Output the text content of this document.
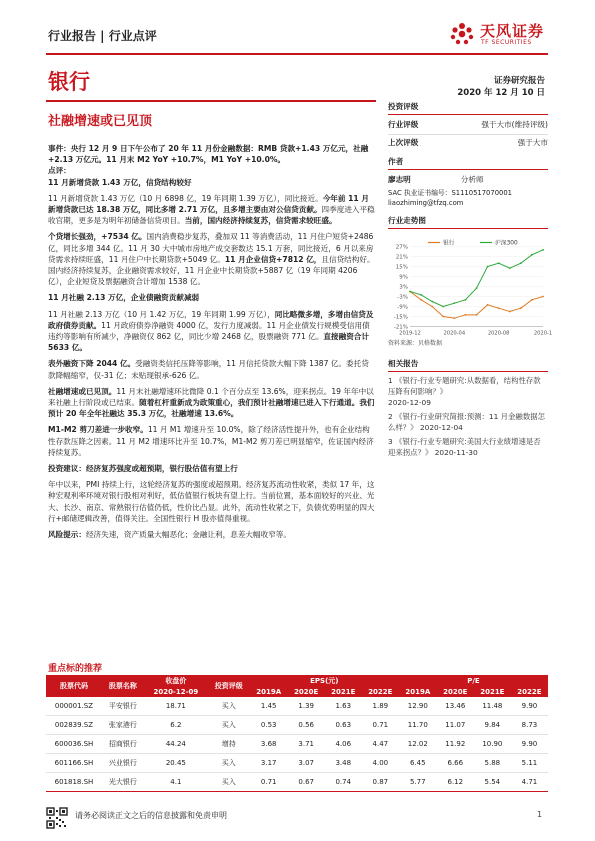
行业报告 | 行业点评	天风证券
TF SECURITIES
银行	证券研究报告
2020 年 12 月 10 日
社融增速或已见顶

事件：央行 12 月 9 日下午公布了 20 年 11 月份金融数据：RMB 贷款+1.43 万亿元，社融+2.13 万亿元。11 月末 M2 YoY +10.7%，M1 YoY +10.0%。

点评：

11 月新增贷款 1.43 万亿，信贷结构较好

11 月新增贷款 1.43 万亿（10 月 6898 亿，19 年同期 1.39 万亿），同比接近。今年前 11 月新增贷款已达 18.38 万亿，同比多增 2.71 万亿，且多增主要由对公信贷贡献。四季度进入平稳收官期，更多是为明年初储备信贷项目。当前，国内经济持续复苏，信贷需求较旺盛。

个贷增长强劲，+7534 亿。国内消费稳步复苏，叠加双 11 等消费活动，11 月住户短贷+2486 亿，同比多增 344 亿。11 月 30 大中城市房地产成交套数达 15.1 万套，同比接近，6 月以来房贷需求持续旺盛，11 月住户中长期贷款+5049 亿。11 月企业信贷+7812 亿，且信贷结构好。国内经济持续复苏，企业融资需求较好，11 月企业中长期贷款+5887 亿（19 年同期 4206 亿），企业短贷及票据融资合计增加 1538 亿。

11 月社融 2.13 万亿，企业债融资贡献减弱

11 月社融 2.13 万亿（10 月 1.42 万亿，19 年同期 1.99 万亿），同比略微多增，多增由信贷及政府债券贡献。11 月政府债券净融资 4000 亿，发行力度减弱。11 月企业债发行规模受信用债违约等影响有所减少，净融资仅 862 亿，同比少增 2468 亿，股票融资 771 亿。直接融资合计 5633 亿。

表外融资下降 2044 亿。受融资类信托压降等影响，11 月信托贷款大幅下降 1387 亿。委托贷款降幅缩窄，仅-31 亿；未贴现银承-626 亿。

社融增速或已见顶。11 月末社融增速环比微降 0.1 个百分点至 13.6%，迎来拐点。19 年年中以来社融上行阶段或已结束。随着杠杆重新成为政策重心，我们预计社融增速已进入下行通道。我们预计 20 年全年社融达 35.3 万亿，社融增速 13.6%。

M1-M2 剪刀差进一步收窄。11 月 M1 增速升至 10.0%，除了经济活性提升外，也有企业结构性存款压降之因素。11 月 M2 增速环比升至 10.7%，M1-M2 剪刀差已明显缩窄，佐证国内经济持续复苏。

投资建议：经济复苏强度或超预期，银行股估值有望上行

年中以来，PMI 持续上行，这轮经济复苏的强度或超预期。经济复苏流动性收紧，类似 17 年，这种宏观利率环境对银行股相对利好，低估值银行板块有望上行。当前位置，基本面较好的兴业、光大、长沙、南京、常熟银行估值仍低，性价比凸显。此外，流动性收紧之下，负债优势明显的四大行+邮储逻辑改善，值得关注。全国性银行 H 股亦值得重视。

风险提示：经济失速，资产质量大幅恶化；金融让利，息差大幅收窄等。

投资评级
行业评级	强于大市(维持评级)
上次评级	强于大市
作者
廖志明	分析师
SAC 执业证书编号：S1110517070001
liaozhiming@tfzq.com
行业走势图
27%
21%
15%
9%
3%
-3%
-9%
-15%
-21%
2019-12	2020-04	2020-08	2020-1
银行	沪深300
资料来源：贝格数据
相关报告
1 《银行-行业专题研究:从数据看，结构性存款压降有何影响？》
2020-12-09
2 《银行-行业研究简报:预测：11 月金融数据怎么样？》 2020-12-04
3 《银行-行业专题研究:美国大行业绩增速是否迎来拐点？》 2020-11-30
重点标的推荐
股票代码	股票名称	收盘价	投资评级	EPS(元)				P/E			
		2020-12-09		2019A	2020E	2021E	2022E	2019A	2020E	2021E	2022E
000001.SZ	平安银行	18.71	买入	1.45	1.39	1.63	1.89	12.90	13.46	11.48	9.90
002839.SZ	张家港行	6.2	买入	0.53	0.56	0.63	0.71	11.70	11.07	9.84	8.73
600036.SH	招商银行	44.24	增持	3.68	3.71	4.06	4.47	12.02	11.92	10.90	9.90
601166.SH	兴业银行	20.45	买入	3.17	3.07	3.48	4.00	6.45	6.66	5.88	5.11
601818.SH	光大银行	4.1	买入	0.71	0.67	0.74	0.87	5.77	6.12	5.54	4.71
请务必阅读正文之后的信息披露和免责申明	1
